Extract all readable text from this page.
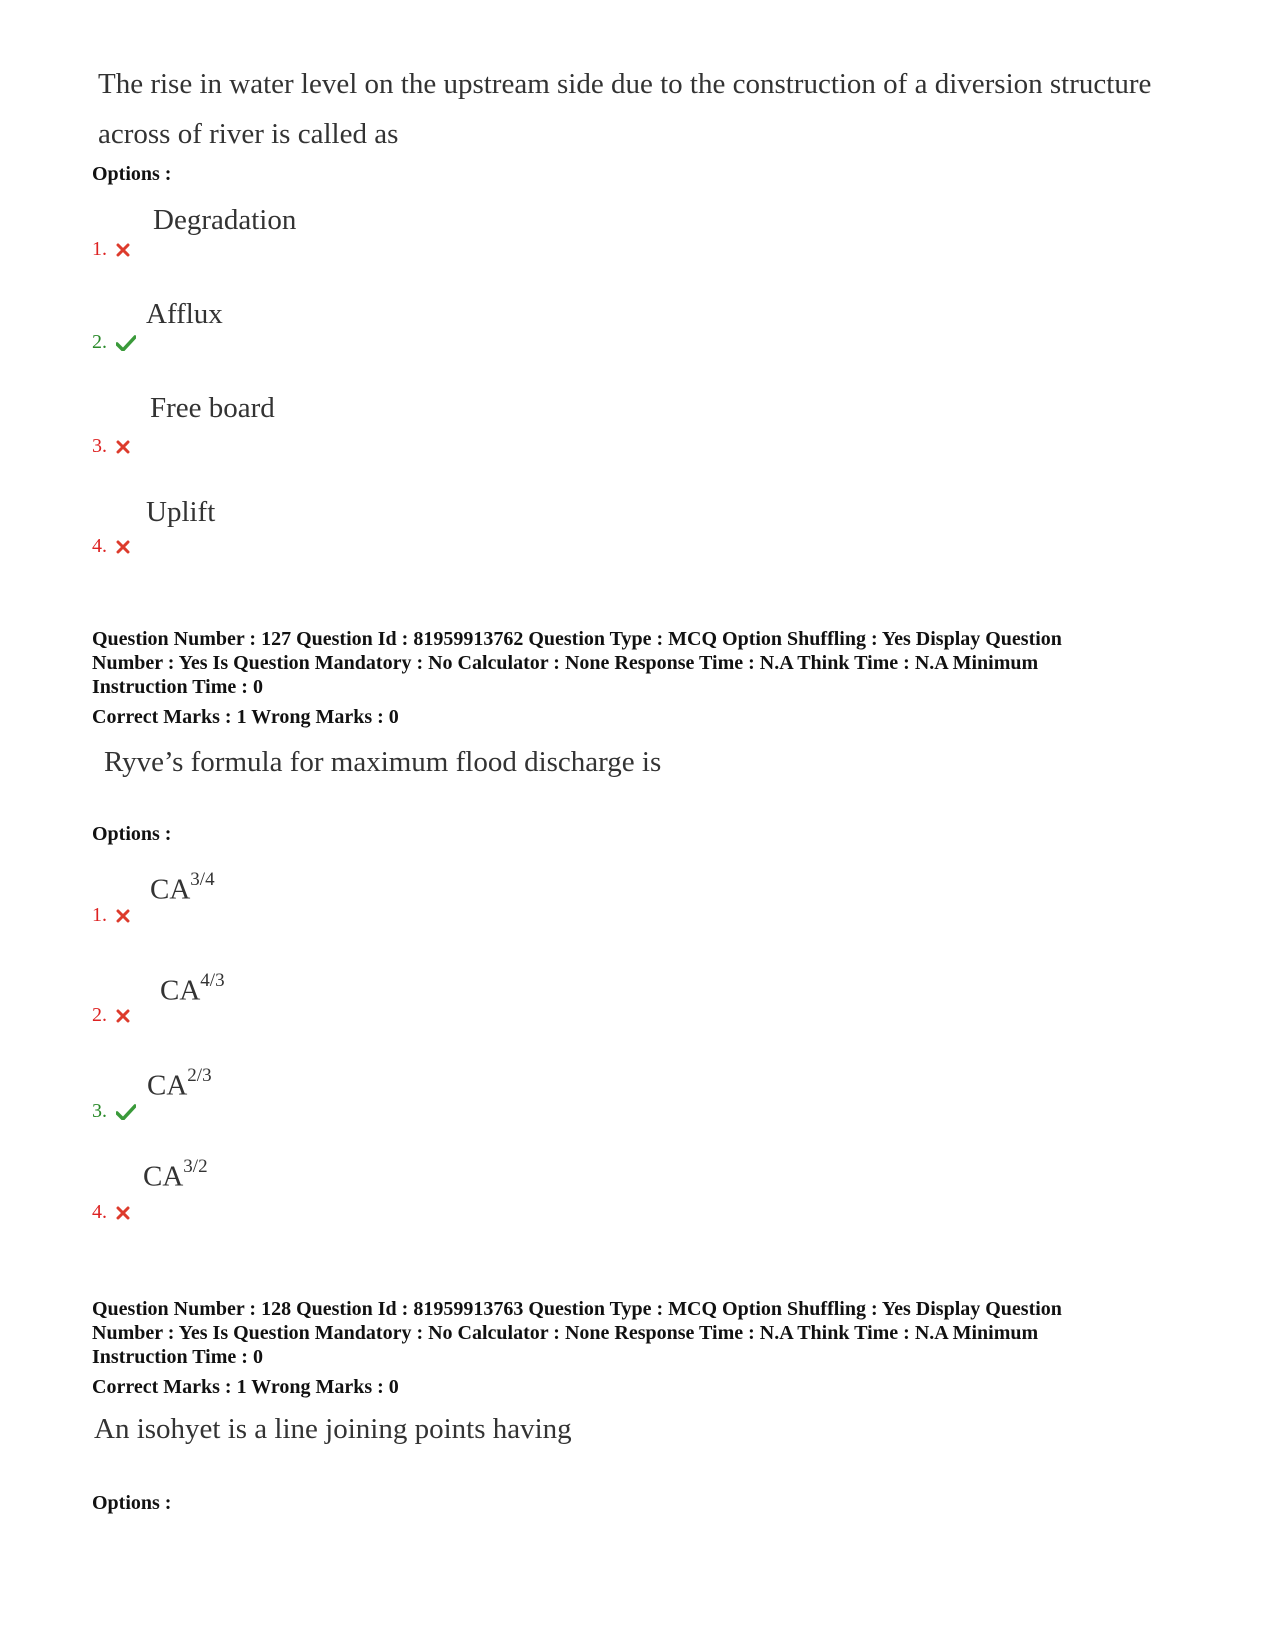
The rise in water level on the upstream side due to the construction of a diversion structure
across of river is called as
Options :
Degradation
1.
Afflux
2.
Free board
3.
Uplift
4.
Question Number : 127 Question Id : 81959913762 Question Type : MCQ Option Shuffling : Yes Display Question
Number : Yes Is Question Mandatory : No Calculator : None Response Time : N.A Think Time : N.A Minimum
Instruction Time : 0
Correct Marks : 1 Wrong Marks : 0
Ryve’s formula for maximum flood discharge is
Options :
$CA^{3/4}$
1.
$CA^{4/3}$
2.
$CA^{2/3}$
3.
$CA^{3/2}$
4.
Question Number : 128 Question Id : 81959913763 Question Type : MCQ Option Shuffling : Yes Display Question
Number : Yes Is Question Mandatory : No Calculator : None Response Time : N.A Think Time : N.A Minimum
Instruction Time : 0
Correct Marks : 1 Wrong Marks : 0
An isohyet is a line joining points having
Options :
